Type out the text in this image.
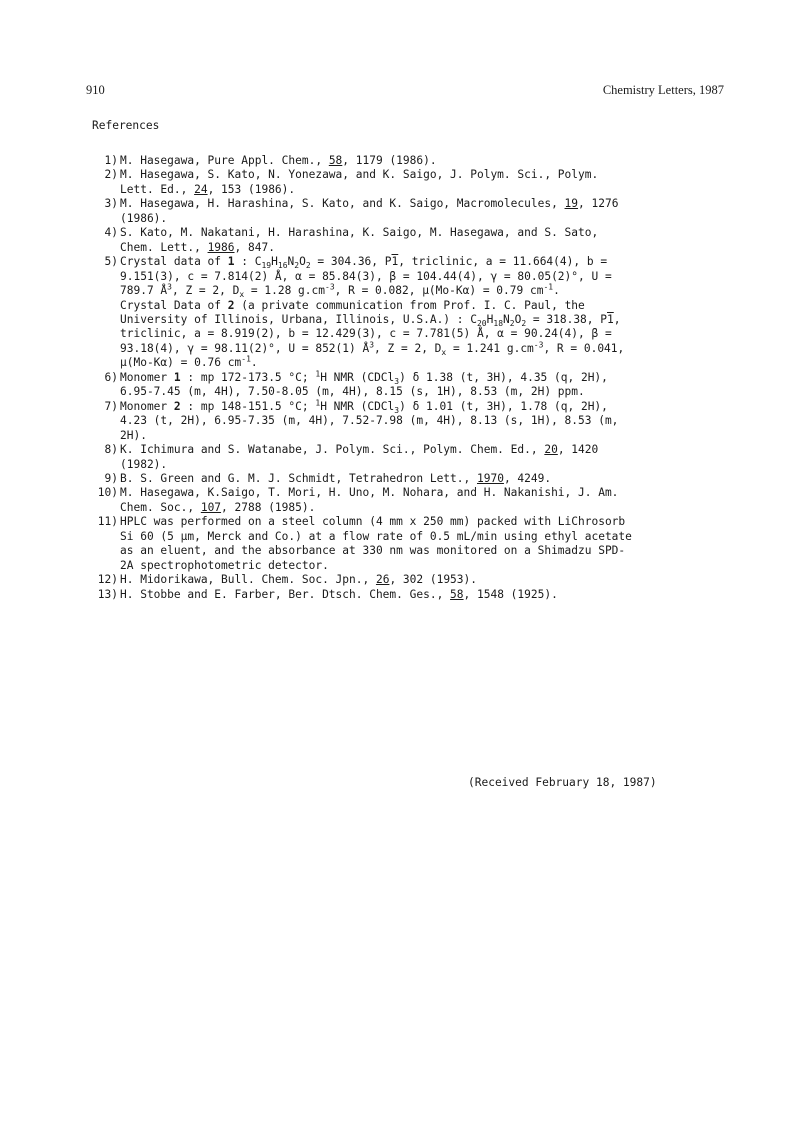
910	Chemistry Letters, 1987
References
1) M. Hasegawa, Pure Appl. Chem., 58, 1179 (1986).
2) M. Hasegawa, S. Kato, N. Yonezawa, and K. Saigo, J. Polym. Sci., Polym.
Lett. Ed., 24, 153 (1986).
3) M. Hasegawa, H. Harashina, S. Kato, and K. Saigo, Macromolecules, 19, 1276
(1986).
4) S. Kato, M. Nakatani, H. Harashina, K. Saigo, M. Hasegawa, and S. Sato,
Chem. Lett., 1986, 847.
5) Crystal data of 1 : $C_{19}H_{16}N_2O_2 = 304.36$, P1, triclinic, a = 11.664(4), b =
9.151(3), c = 7.814(2) Å, α = 85.84(3), β = 104.44(4), γ = 80.05(2)°, U =
789.7 $Å^3$, Z = 2, $D_x = 1.28$ $g.cm^{-3}$, R = 0.082, μ(Mo-Kα) = 0.79 $cm^{-1}$.
Crystal Data of 2 (a private communication from Prof. I. C. Paul, the
University of Illinois, Urbana, Illinois, U.S.A.) : $C_{20}H_{18}N_2O_2 = 318.38$, P1,
triclinic, a = 8.919(2), b = 12.429(3), c = 7.781(5) Å, α = 90.24(4), β =
93.18(4), γ = 98.11(2)°, U = 852(1) $Å^3$, Z = 2, $D_x = 1.241$ $g.cm^{-3}$, R = 0.041,
μ(Mo-Kα) = 0.76 $cm^{-1}$.
6) Monomer 1 : mp 172-173.5 °C; $^1$H NMR (CDCl$_3$) δ 1.38 (t, 3H), 4.35 (q, 2H),
6.95-7.45 (m, 4H), 7.50-8.05 (m, 4H), 8.15 (s, 1H), 8.53 (m, 2H) ppm.
7) Monomer 2 : mp 148-151.5 °C; $^1$H NMR (CDCl$_3$) δ 1.01 (t, 3H), 1.78 (q, 2H),
4.23 (t, 2H), 6.95-7.35 (m, 4H), 7.52-7.98 (m, 4H), 8.13 (s, 1H), 8.53 (m,
2H).
8) K. Ichimura and S. Watanabe, J. Polym. Sci., Polym. Chem. Ed., 20, 1420
(1982).
9) B. S. Green and G. M. J. Schmidt, Tetrahedron Lett., 1970, 4249.
10) M. Hasegawa, K.Saigo, T. Mori, H. Uno, M. Nohara, and H. Nakanishi, J. Am.
Chem. Soc., 107, 2788 (1985).
11) HPLC was performed on a steel column (4 mm x 250 mm) packed with LiChrosorb
Si 60 (5 μm, Merck and Co.) at a flow rate of 0.5 mL/min using ethyl acetate
as an eluent, and the absorbance at 330 nm was monitored on a Shimadzu SPD-
2A spectrophotometric detector.
12) H. Midorikawa, Bull. Chem. Soc. Jpn., 26, 302 (1953).
13) H. Stobbe and E. Farber, Ber. Dtsch. Chem. Ges., 58, 1548 (1925).
(Received February 18, 1987)
